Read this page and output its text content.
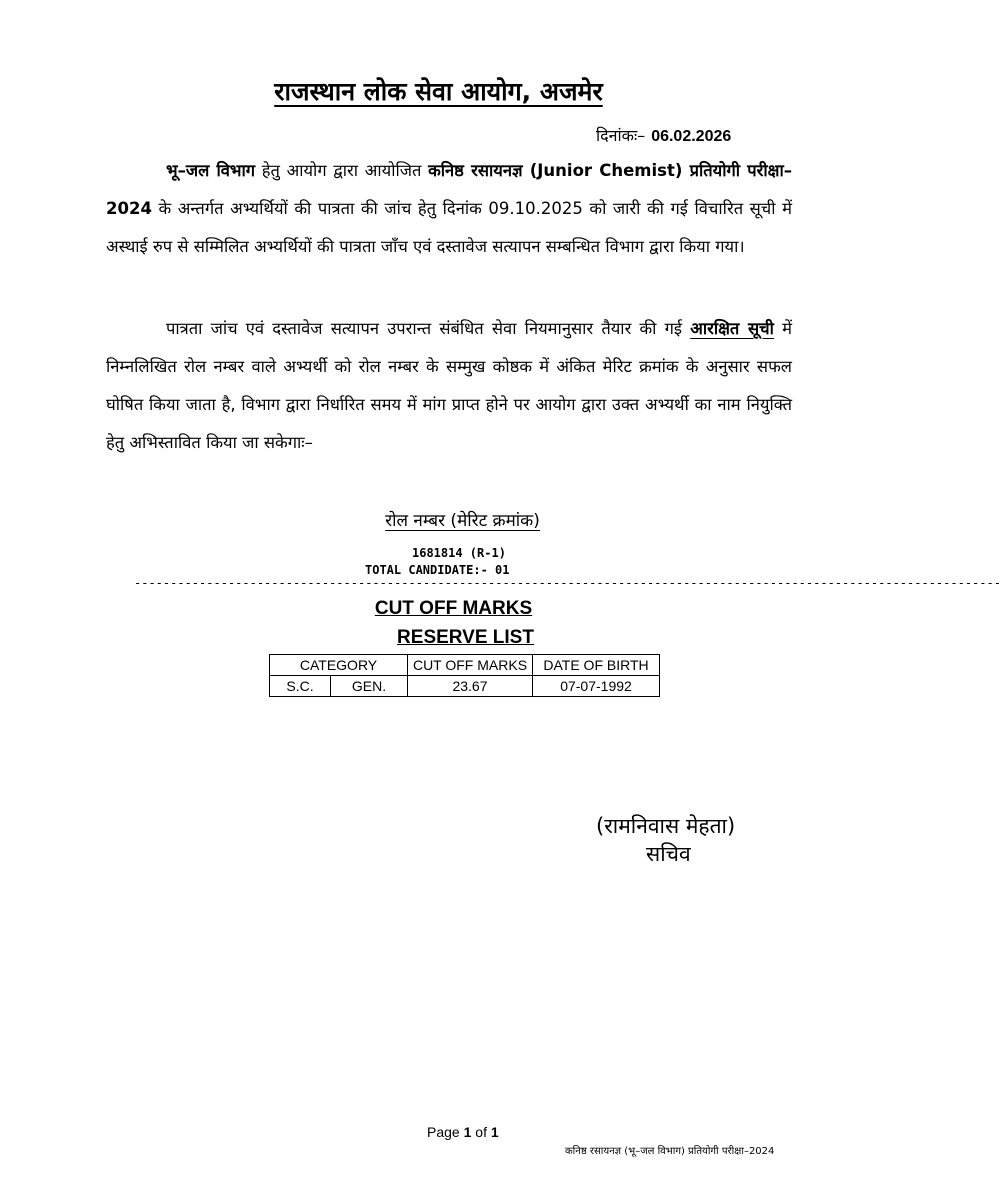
राजस्थान लोक सेवा आयोग, अजमेर
दिनांकः– 06.02.2026
भू–जल विभाग हेतु आयोग द्वारा आयोजित कनिष्ठ रसायनज्ञ (Junior Chemist) प्रतियोगी परीक्षा–2024 के अन्तर्गत अभ्यर्थियों की पात्रता की जांच हेतु दिनांक 09.10.2025 को जारी की गई विचारित सूची में अस्थाई रुप से सम्मिलित अभ्यर्थियों की पात्रता जाँच एवं दस्तावेज सत्यापन सम्बन्धित विभाग द्वारा किया गया।
पात्रता जांच एवं दस्तावेज सत्यापन उपरान्त संबंधित सेवा नियमानुसार तैयार की गई आरक्षित सूची में निम्नलिखित रोल नम्बर वाले अभ्यर्थी को रोल नम्बर के सम्मुख कोष्ठक में अंकित मेरिट क्रमांक के अनुसार सफल घोषित किया जाता है, विभाग द्वारा निर्धारित समय में मांग प्राप्त होने पर आयोग द्वारा उक्त अभ्यर्थी का नाम नियुक्ति हेतु अभिस्तावित किया जा सकेगाः–
रोल नम्बर (मेरिट क्रमांक)
1681814 (R-1)
TOTAL CANDIDATE:- 01
------------------------------------------------------------------------------------------------------------------------
CUT OFF MARKS
RESERVE LIST
CATEGORY		CUT OFF MARKS	DATE OF BIRTH
S.C.	GEN.	23.67	07-07-1992
(रामनिवास मेहता)
सचिव
Page 1 of 1
कनिष्ठ रसायनज्ञ (भू–जल विभाग) प्रतियोगी परीक्षा–2024
